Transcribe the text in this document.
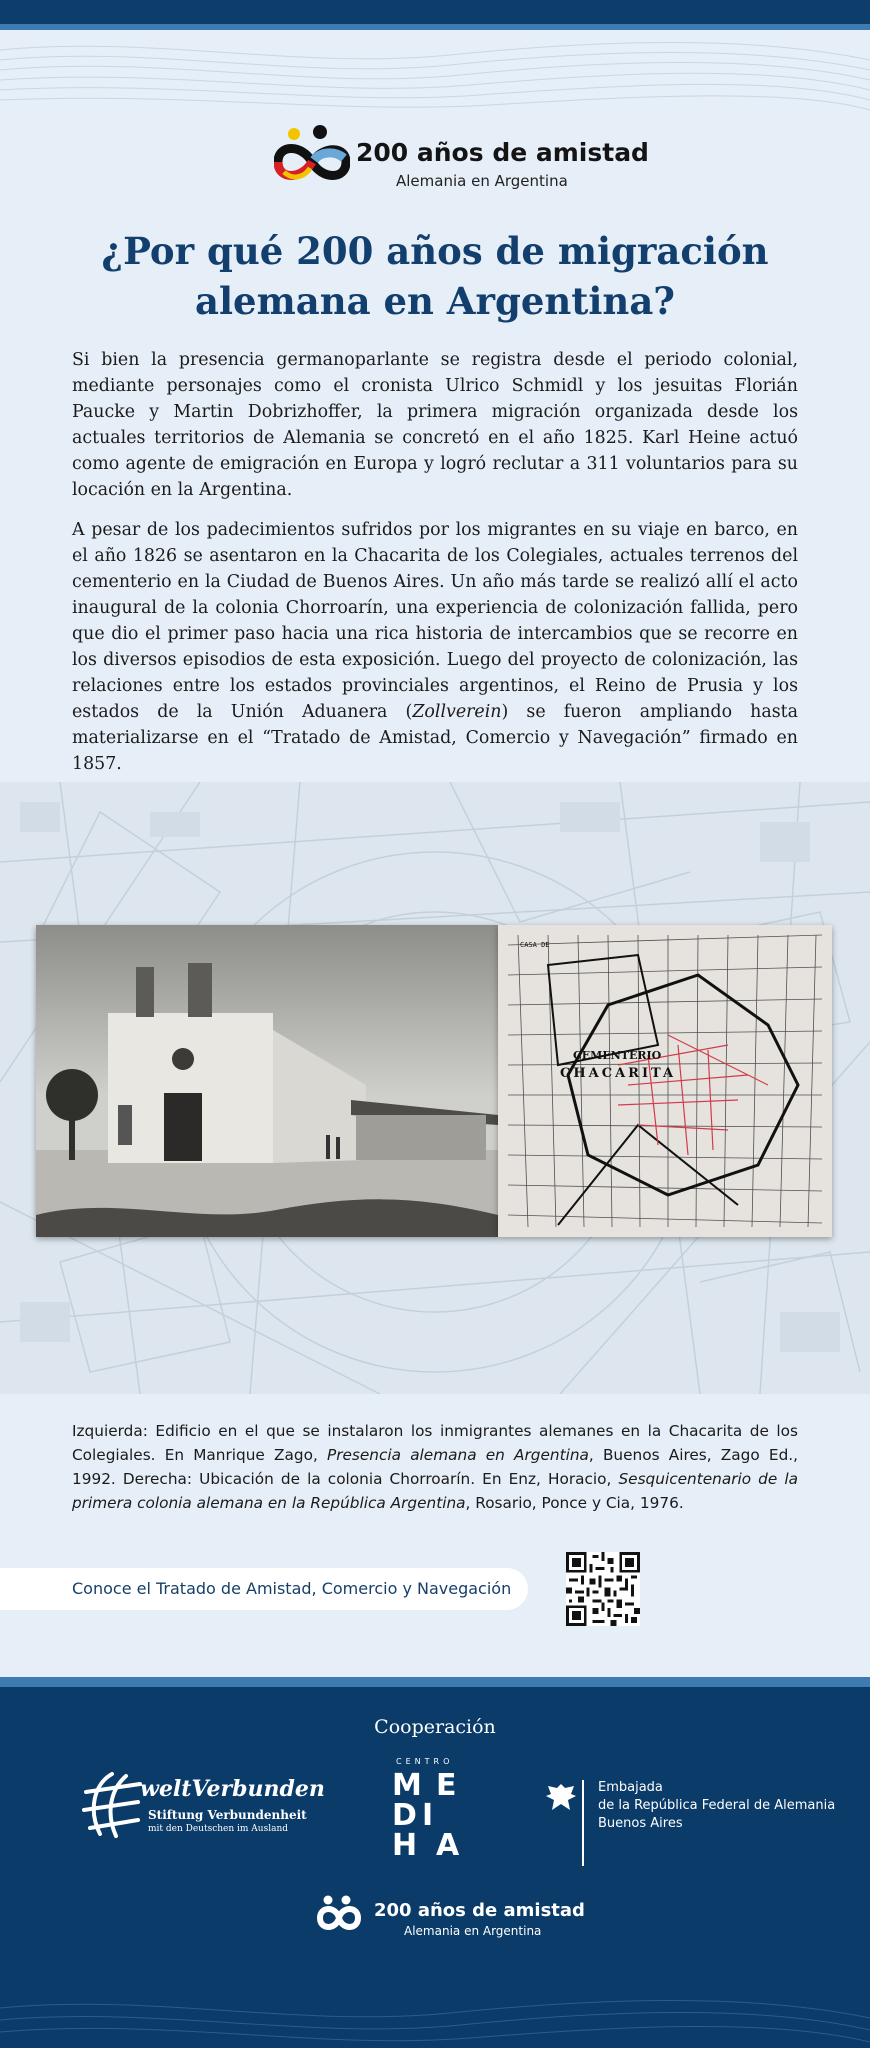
200 años de amistad
Alemania en Argentina
¿Por qué 200 años de migración
alemana en Argentina?

Si bien la presencia germanoparlante se registra desde el periodo colonial, mediante personajes como el cronista Ulrico Schmidl y los jesuitas Florián Paucke y Martin Dobrizhoffer, la primera migración organizada desde los actuales territorios de Alemania se concretó en el año 1825. Karl Heine actuó como agente de emigración en Europa y logró reclutar a 311 voluntarios para su locación en la Argentina.

A pesar de los padecimientos sufridos por los migrantes en su viaje en barco, en el año 1826 se asentaron en la Chacarita de los Colegiales, actuales terrenos del cementerio en la Ciudad de Buenos Aires. Un año más tarde se realizó allí el acto inaugural de la colonia Chorroarín, una experiencia de colonización fallida, pero que dio el primer paso hacia una rica historia de intercambios que se recorre en los diversos episodios de esta exposición. Luego del proyecto de colonización, las relaciones entre los estados provinciales argentinos, el Reino de Prusia y los estados de la Unión Aduanera (Zollverein) se fueron ampliando hasta materializarse en el “Tratado de Amistad, Comercio y Navegación” firmado en 1857.

CASA DE
CEMENTERIO
CHACARITA

Izquierda: Edificio en el que se instalaron los inmigrantes alemanes en la Chacarita de los Colegiales. En Manrique Zago, Presencia alemana en Argentina, Buenos Aires, Zago Ed., 1992. Derecha: Ubicación de la colonia Chorroarín. En Enz, Horacio, Sesquicentenario de la primera colonia alemana en la República Argentina, Rosario, Ponce y Cia, 1976.

Conoce el Tratado de Amistad, Comercio y Navegación
Cooperación
weltVerbunden
Stiftung Verbundenheit
mit den Deutschen im Ausland
CENTRO
M E
D I
H A
Embajada
de la República Federal de Alemania
Buenos Aires
200 años de amistad
Alemania en Argentina
